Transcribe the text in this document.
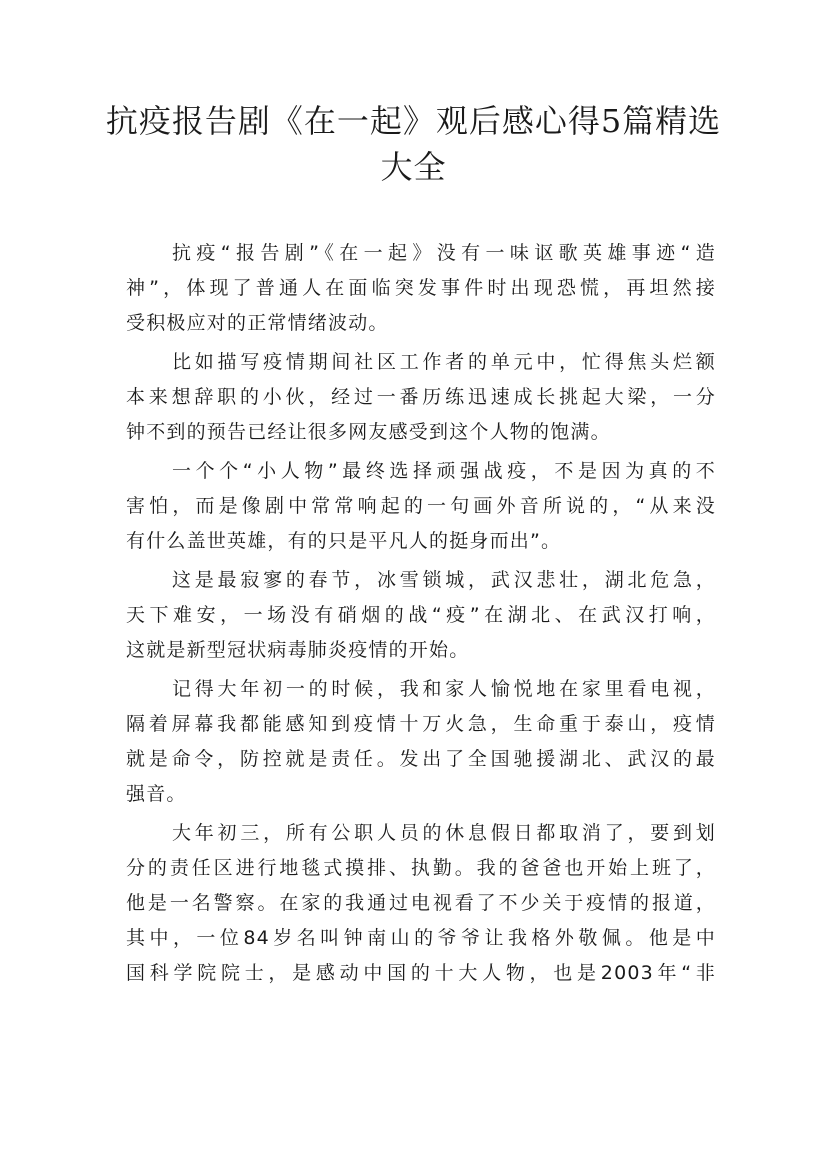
抗疫报告剧《在一起》观后感心得5篇精选
大全

抗疫“报告剧”《在一起》没有一味讴歌英雄事迹“造
神”，体现了普通人在面临突发事件时出现恐慌，再坦然接
受积极应对的正常情绪波动。

比如描写疫情期间社区工作者的单元中，忙得焦头烂额
本来想辞职的小伙，经过一番历练迅速成长挑起大梁，一分
钟不到的预告已经让很多网友感受到这个人物的饱满。

一个个“小人物”最终选择顽强战疫，不是因为真的不
害怕，而是像剧中常常响起的一句画外音所说的，“从来没
有什么盖世英雄，有的只是平凡人的挺身而出”。

这是最寂寥的春节，冰雪锁城，武汉悲壮，湖北危急，
天下难安，一场没有硝烟的战“疫”在湖北、在武汉打响，
这就是新型冠状病毒肺炎疫情的开始。

记得大年初一的时候，我和家人愉悦地在家里看电视，
隔着屏幕我都能感知到疫情十万火急，生命重于泰山，疫情
就是命令，防控就是责任。发出了全国驰援湖北、武汉的最
强音。

大年初三，所有公职人员的休息假日都取消了，要到划
分的责任区进行地毯式摸排、执勤。我的爸爸也开始上班了，
他是一名警察。在家的我通过电视看了不少关于疫情的报道，
其中，一位84岁名叫钟南山的爷爷让我格外敬佩。他是中
国科学院院士，是感动中国的十大人物，也是2003年“非
